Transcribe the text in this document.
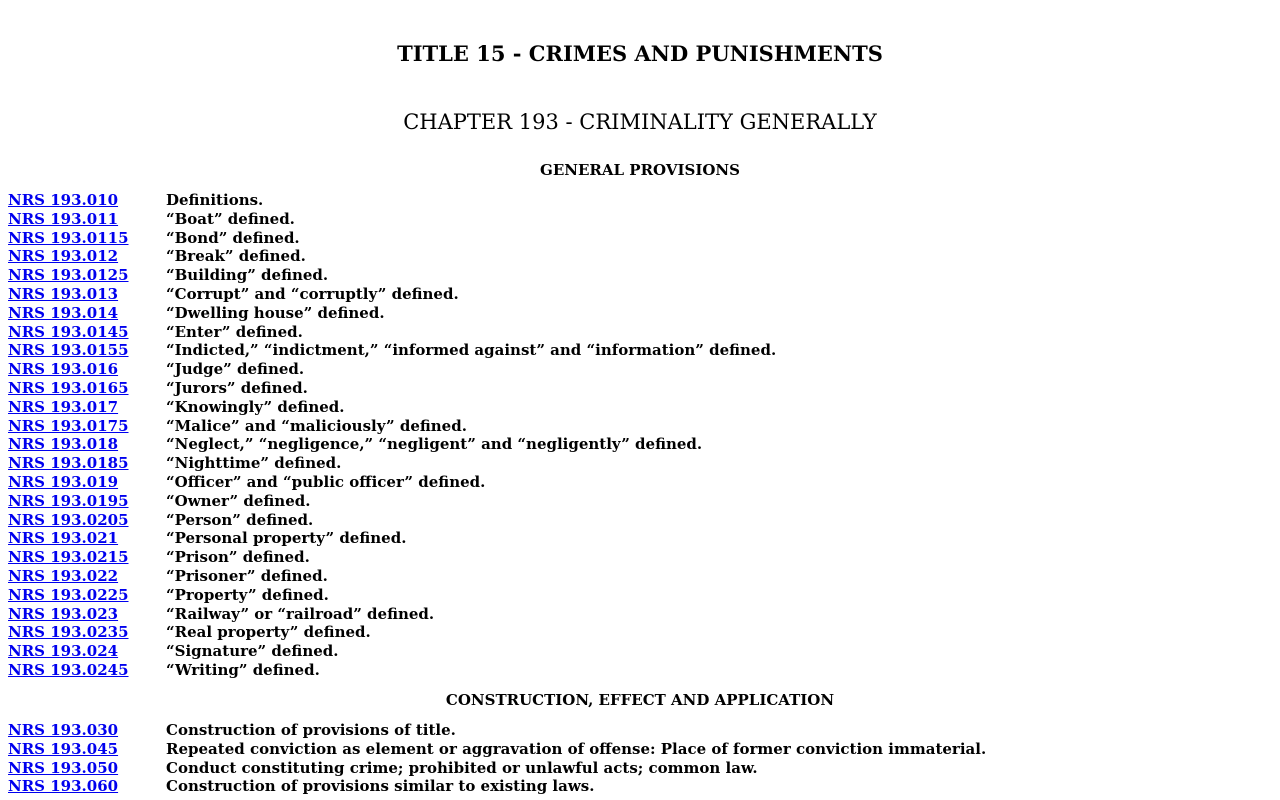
TITLE 15 - CRIMES AND PUNISHMENTS
CHAPTER 193 - CRIMINALITY GENERALLY
GENERAL PROVISIONS
NRS 193.010	Definitions.
NRS 193.011	“Boat” defined.
NRS 193.0115	“Bond” defined.
NRS 193.012	“Break” defined.
NRS 193.0125	“Building” defined.
NRS 193.013	“Corrupt” and “corruptly” defined.
NRS 193.014	“Dwelling house” defined.
NRS 193.0145	“Enter” defined.
NRS 193.0155	“Indicted,” “indictment,” “informed against” and “information” defined.
NRS 193.016	“Judge” defined.
NRS 193.0165	“Jurors” defined.
NRS 193.017	“Knowingly” defined.
NRS 193.0175	“Malice” and “maliciously” defined.
NRS 193.018	“Neglect,” “negligence,” “negligent” and “negligently” defined.
NRS 193.0185	“Nighttime” defined.
NRS 193.019	“Officer” and “public officer” defined.
NRS 193.0195	“Owner” defined.
NRS 193.0205	“Person” defined.
NRS 193.021	“Personal property” defined.
NRS 193.0215	“Prison” defined.
NRS 193.022	“Prisoner” defined.
NRS 193.0225	“Property” defined.
NRS 193.023	“Railway” or “railroad” defined.
NRS 193.0235	“Real property” defined.
NRS 193.024	“Signature” defined.
NRS 193.0245	“Writing” defined.
CONSTRUCTION, EFFECT AND APPLICATION
NRS 193.030	Construction of provisions of title.
NRS 193.045	Repeated conviction as element or aggravation of offense: Place of former conviction immaterial.
NRS 193.050	Conduct constituting crime; prohibited or unlawful acts; common law.
NRS 193.060	Construction of provisions similar to existing laws.
